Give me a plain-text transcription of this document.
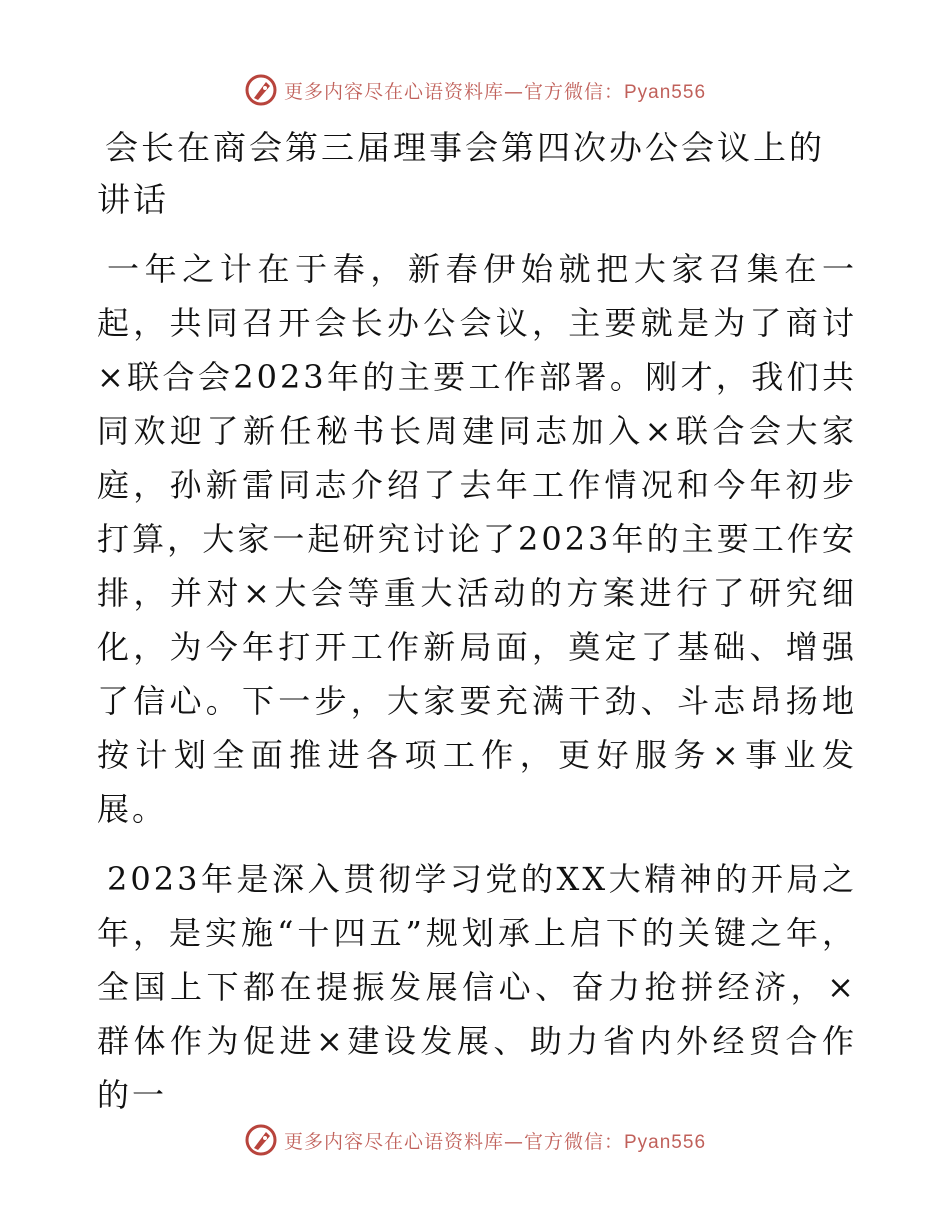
更多内容尽在心语资料库—官方微信：Pyan556
会长在商会第三届理事会第四次办公会议上的讲话

一年之计在于春，新春伊始就把大家召集在一起，共同召开会长办公会议，主要就是为了商讨×联合会2023年的主要工作部署。刚才，我们共同欢迎了新任秘书长周建同志加入×联合会大家庭，孙新雷同志介绍了去年工作情况和今年初步打算，大家一起研究讨论了2023年的主要工作安排，并对×大会等重大活动的方案进行了研究细化，为今年打开工作新局面，奠定了基础、增强了信心。下一步，大家要充满干劲、斗志昂扬地按计划全面推进各项工作，更好服务×事业发展。

2023年是深入贯彻学习党的XX大精神的开局之年，是实施“十四五”规划承上启下的关键之年，全国上下都在提振发展信心、奋力抢拼经济，×群体作为促进×建设发展、助力省内外经贸合作的一

更多内容尽在心语资料库—官方微信：Pyan556
